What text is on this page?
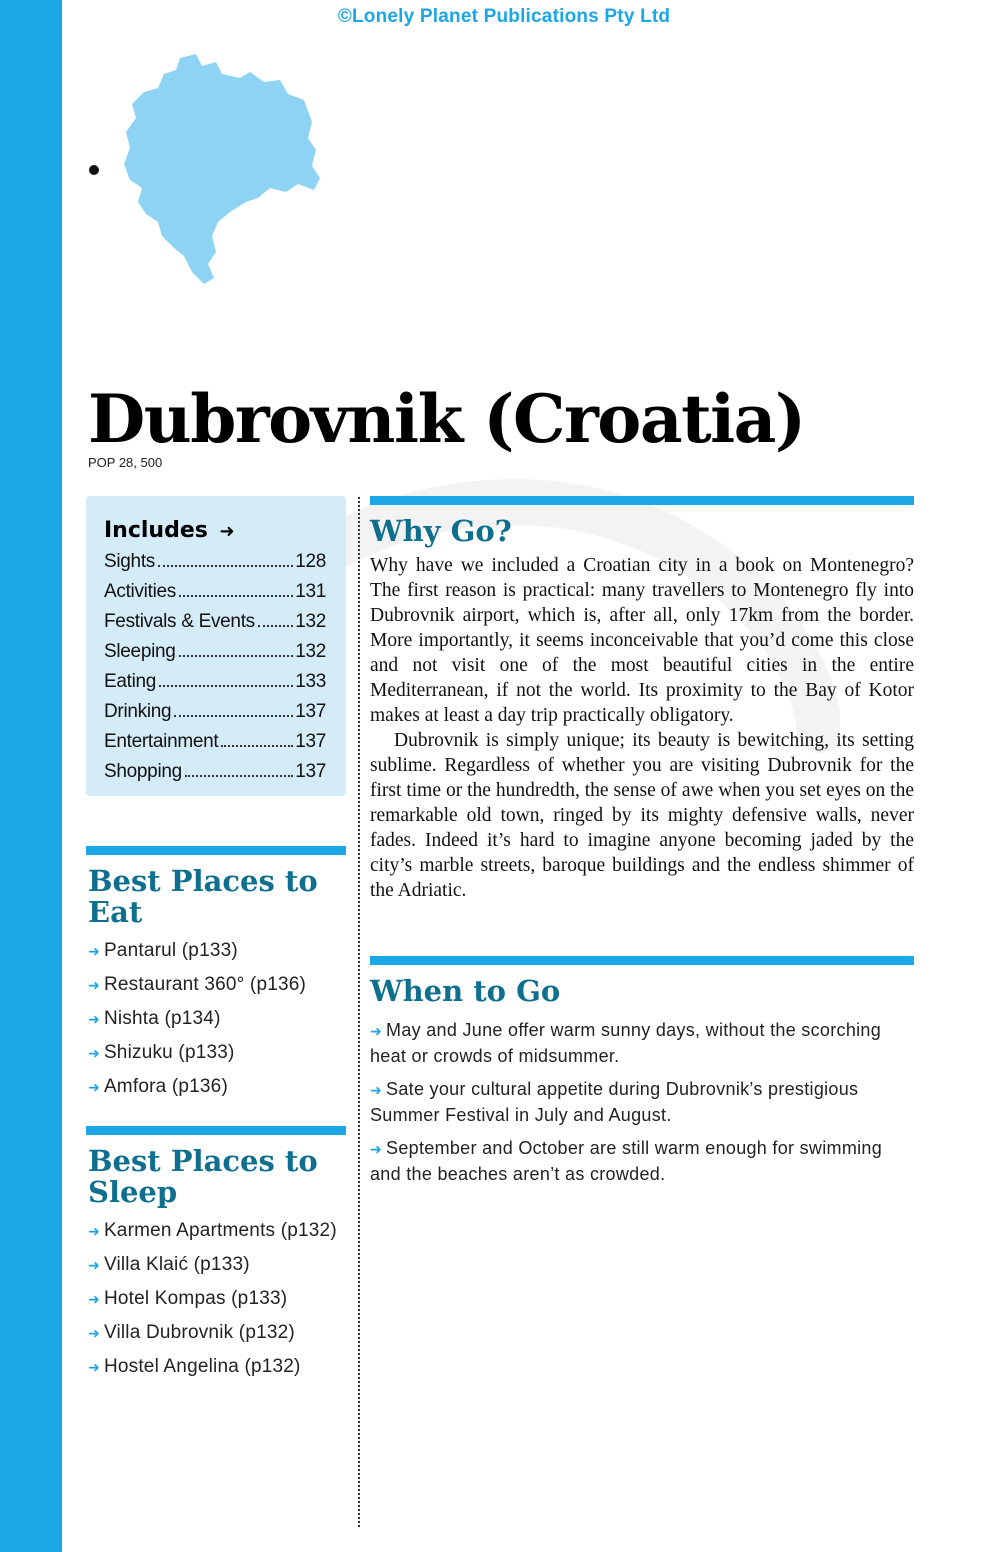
©Lonely Planet Publications Pty Ltd
Dubrovnik (Croatia)
POP 28, 500
Includes ➜
Sights	128
Activities	131
Festivals & Events 132
Sleeping	132
Eating	133
Drinking	137
Entertainment	137
Shopping	137
Best Places to Eat
➜ Pantarul (p133)
➜ Restaurant 360° (p136)
➜ Nishta (p134)
➜ Shizuku (p133)
➜ Amfora (p136)
Best Places to Sleep
➜ Karmen Apartments (p132)
➜ Villa Klaić (p133)
➜ Hotel Kompas (p133)
➜ Villa Dubrovnik (p132)
➜ Hostel Angelina (p132)
Why Go?

Why have we included a Croatian city in a book on Montenegro? The first reason is practical: many travellers to Montenegro fly into Dubrovnik airport, which is, after all, only 17km from the border. More importantly, it seems inconceivable that you’d come this close and not visit one of the most beautiful cities in the entire Mediterranean, if not the world. Its proximity to the Bay of Kotor makes at least a day trip practically obligatory.

Dubrovnik is simply unique; its beauty is bewitching, its setting sublime. Regardless of whether you are visiting Dubrovnik for the first time or the hundredth, the sense of awe when you set eyes on the remarkable old town, ringed by its mighty defensive walls, never fades. Indeed it’s hard to imagine anyone becoming jaded by the city’s marble streets, baroque buildings and the endless shimmer of the Adriatic.

When to Go
➜ May and June offer warm sunny days, without the scorching heat or crowds of midsummer.
➜ Sate your cultural appetite during Dubrovnik’s prestigious Summer Festival in July and August.
➜ September and October are still warm enough for swimming and the beaches aren’t as crowded.
